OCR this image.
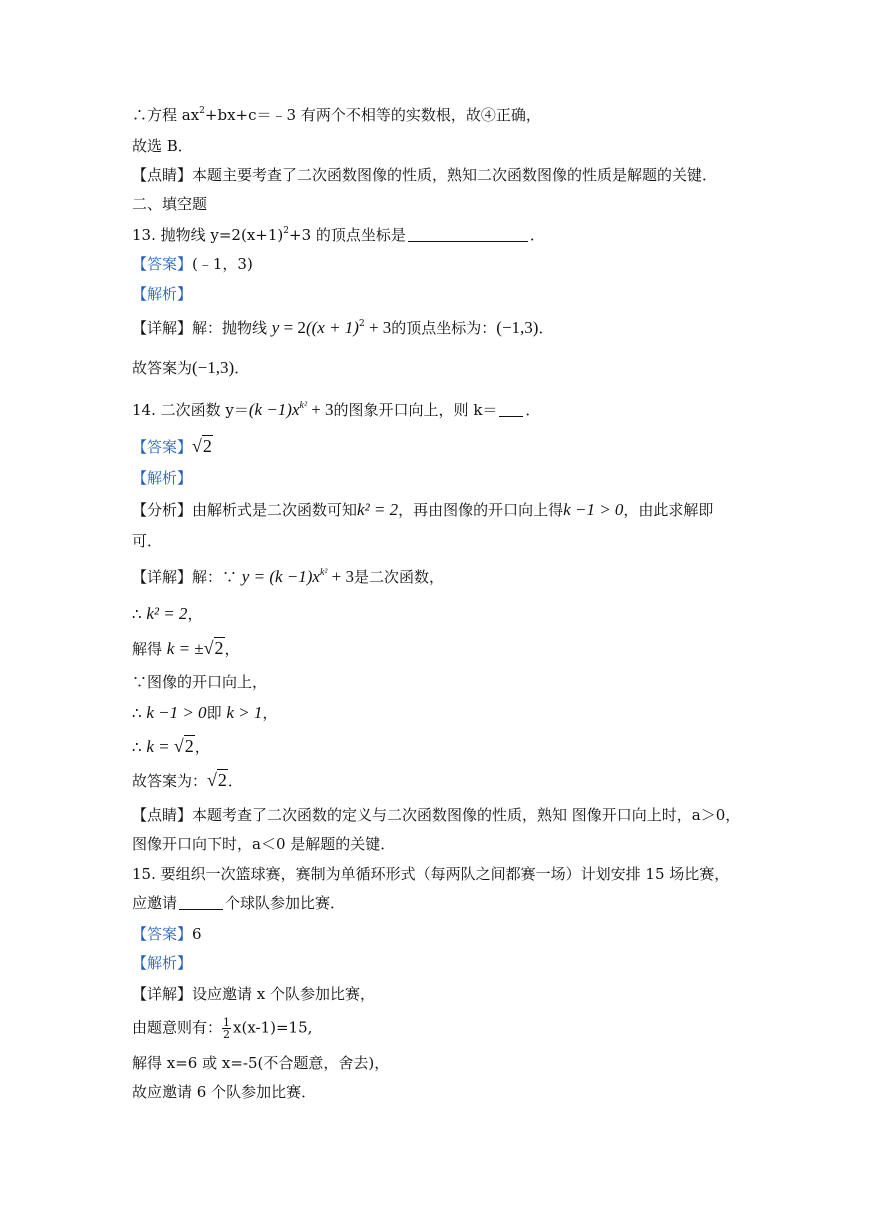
∴方程 $ax^2+bx+c=﹣3$ 有两个不相等的实数根，故④正确，
故选 B．
【点睛】本题主要考查了二次函数图像的性质，熟知二次函数图像的性质是解题的关键．
二、填空题
13. 抛物线 $y=2(x+1)^2+3$ 的顶点坐标是	．
【答案】(﹣1，3)
【解析】
【详解】解：抛物线 $y = 2((x + 1)^2 + 3$的顶点坐标为：(−1,3)．
故答案为(−1,3)．
14. 二次函数 $y=(k -1)x^{k^2} + 3$的图象开口向上，则 k＝ ．
【答案】√2
【解析】
【分析】由解析式是二次函数可知k² = 2，再由图像的开口向上得k −1 > 0，由此求解即
可．
【详解】解：∵ $y = (k -1)x^{k^2} + 3$是二次函数，
∴ k² = 2，
解得 k = ±√2，
∵图像的开口向上，
∴ k −1 > 0即 k > 1，
∴ k = √2，
故答案为：√2．
【点睛】本题考查了二次函数的定义与二次函数图像的性质，熟知 图像开口向上时，a＞0，
图像开口向下时，a＜0 是解题的关键．
15. 要组织一次篮球赛，赛制为单循环形式（每两队之间都赛一场）计划安排 15 场比赛，
应邀请	个球队参加比赛．
【答案】6
【解析】
【详解】设应邀请 x 个队参加比赛，
由题意则有： $\frac{1}{2} x(x-1)=15$,
解得 x=6 或 x=-5(不合题意，舍去)，
故应邀请 6 个队参加比赛．
